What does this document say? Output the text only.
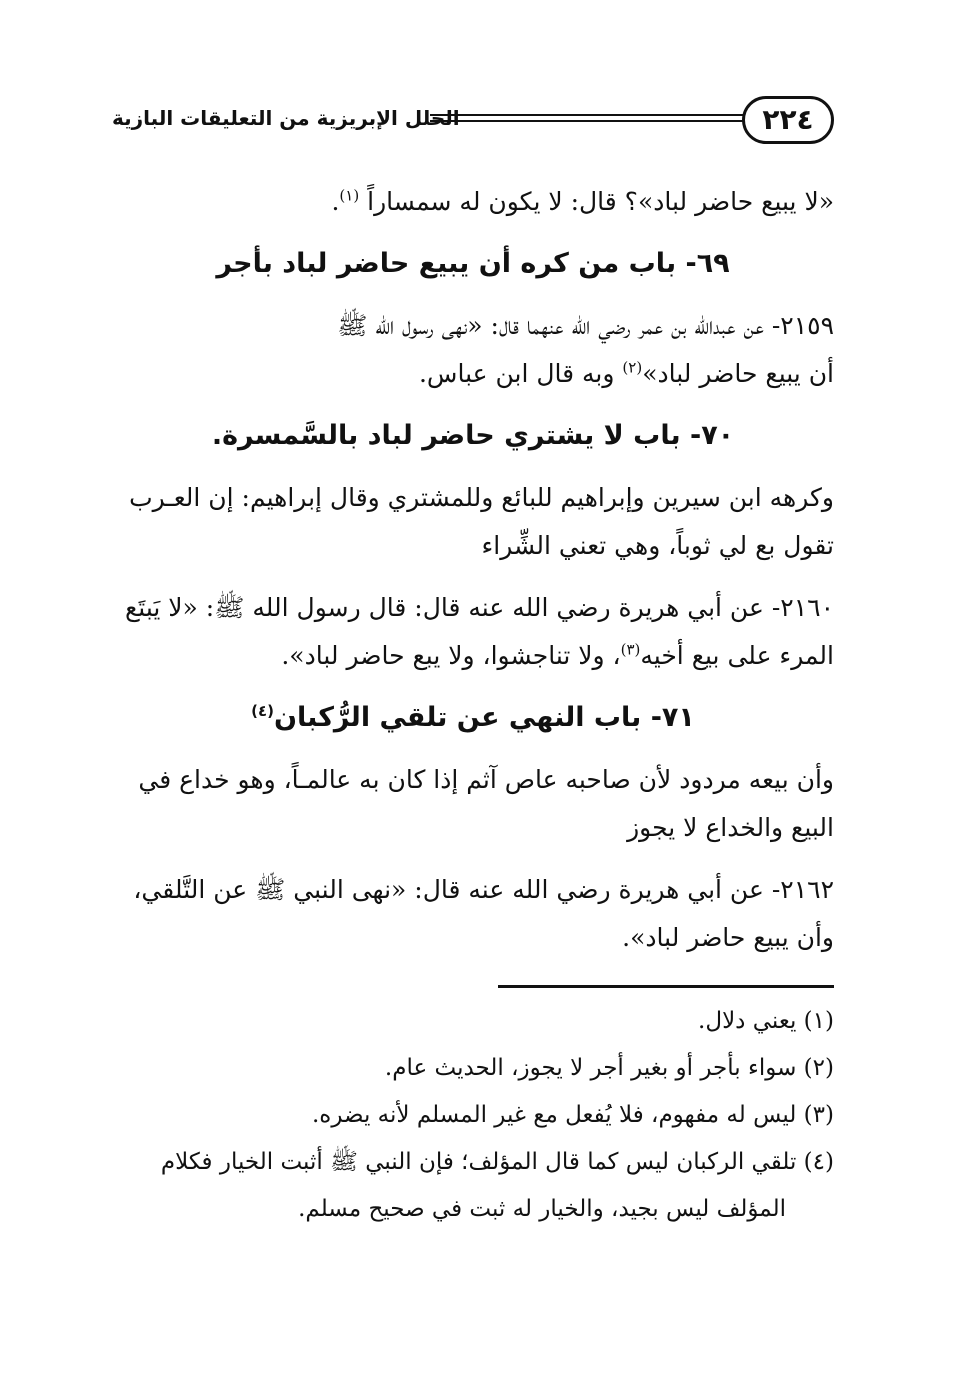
٢٢٤
الحلل الإبريزية من التعليقات البازية

«لا يبيع حاضر لباد»؟ قال: لا يكون له سمساراً $^{(١)}$.

٦٩- باب من كره أن يبيع حاضر لباد بأجر

٢١٥٩- عن عبدالله بن عمر رضي الله عنهما قال: «نهى رسول الله ﷺ
أن يبيع حاضر لباد»$^{(٢)}$ وبه قال ابن عباس.

٧٠- باب لا يشتري حاضر لباد بالسَّمسرة.

وكرهه ابن سيرين وإبراهيم للبائع وللمشتري وقال إبراهيم: إن العـرب
تقول بع لي ثوباً، وهي تعني الشِّراء

٢١٦٠- عن أبي هريرة رضي الله عنه قال: قال رسول الله ﷺ: «لا يَبتَع
المرء على بيع أخيه$^{(٣)}$، ولا تناجشوا، ولا يبع حاضر لباد».

٧١- باب النهي عن تلقي الرُّكبان$^{(٤)}$

وأن بيعه مردود لأن صاحبه عاص آثم إذا كان به عالمـاً، وهو خداع في
البيع والخداع لا يجوز

٢١٦٢- عن أبي هريرة رضي الله عنه قال: «نهى النبي ﷺ عن التَّلقي،
وأن يبيع حاضر لباد».

(١) يعني دلال.
(٢) سواء بأجر أو بغير أجر لا يجوز، الحديث عام.
(٣) ليس له مفهوم، فلا يُفعل مع غير المسلم لأنه يضره.
(٤) تلقي الركبان ليس كما قال المؤلف؛ فإن النبي ﷺ أثبت الخيار فكلام
المؤلف ليس بجيد، والخيار له ثبت في صحيح مسلم.
